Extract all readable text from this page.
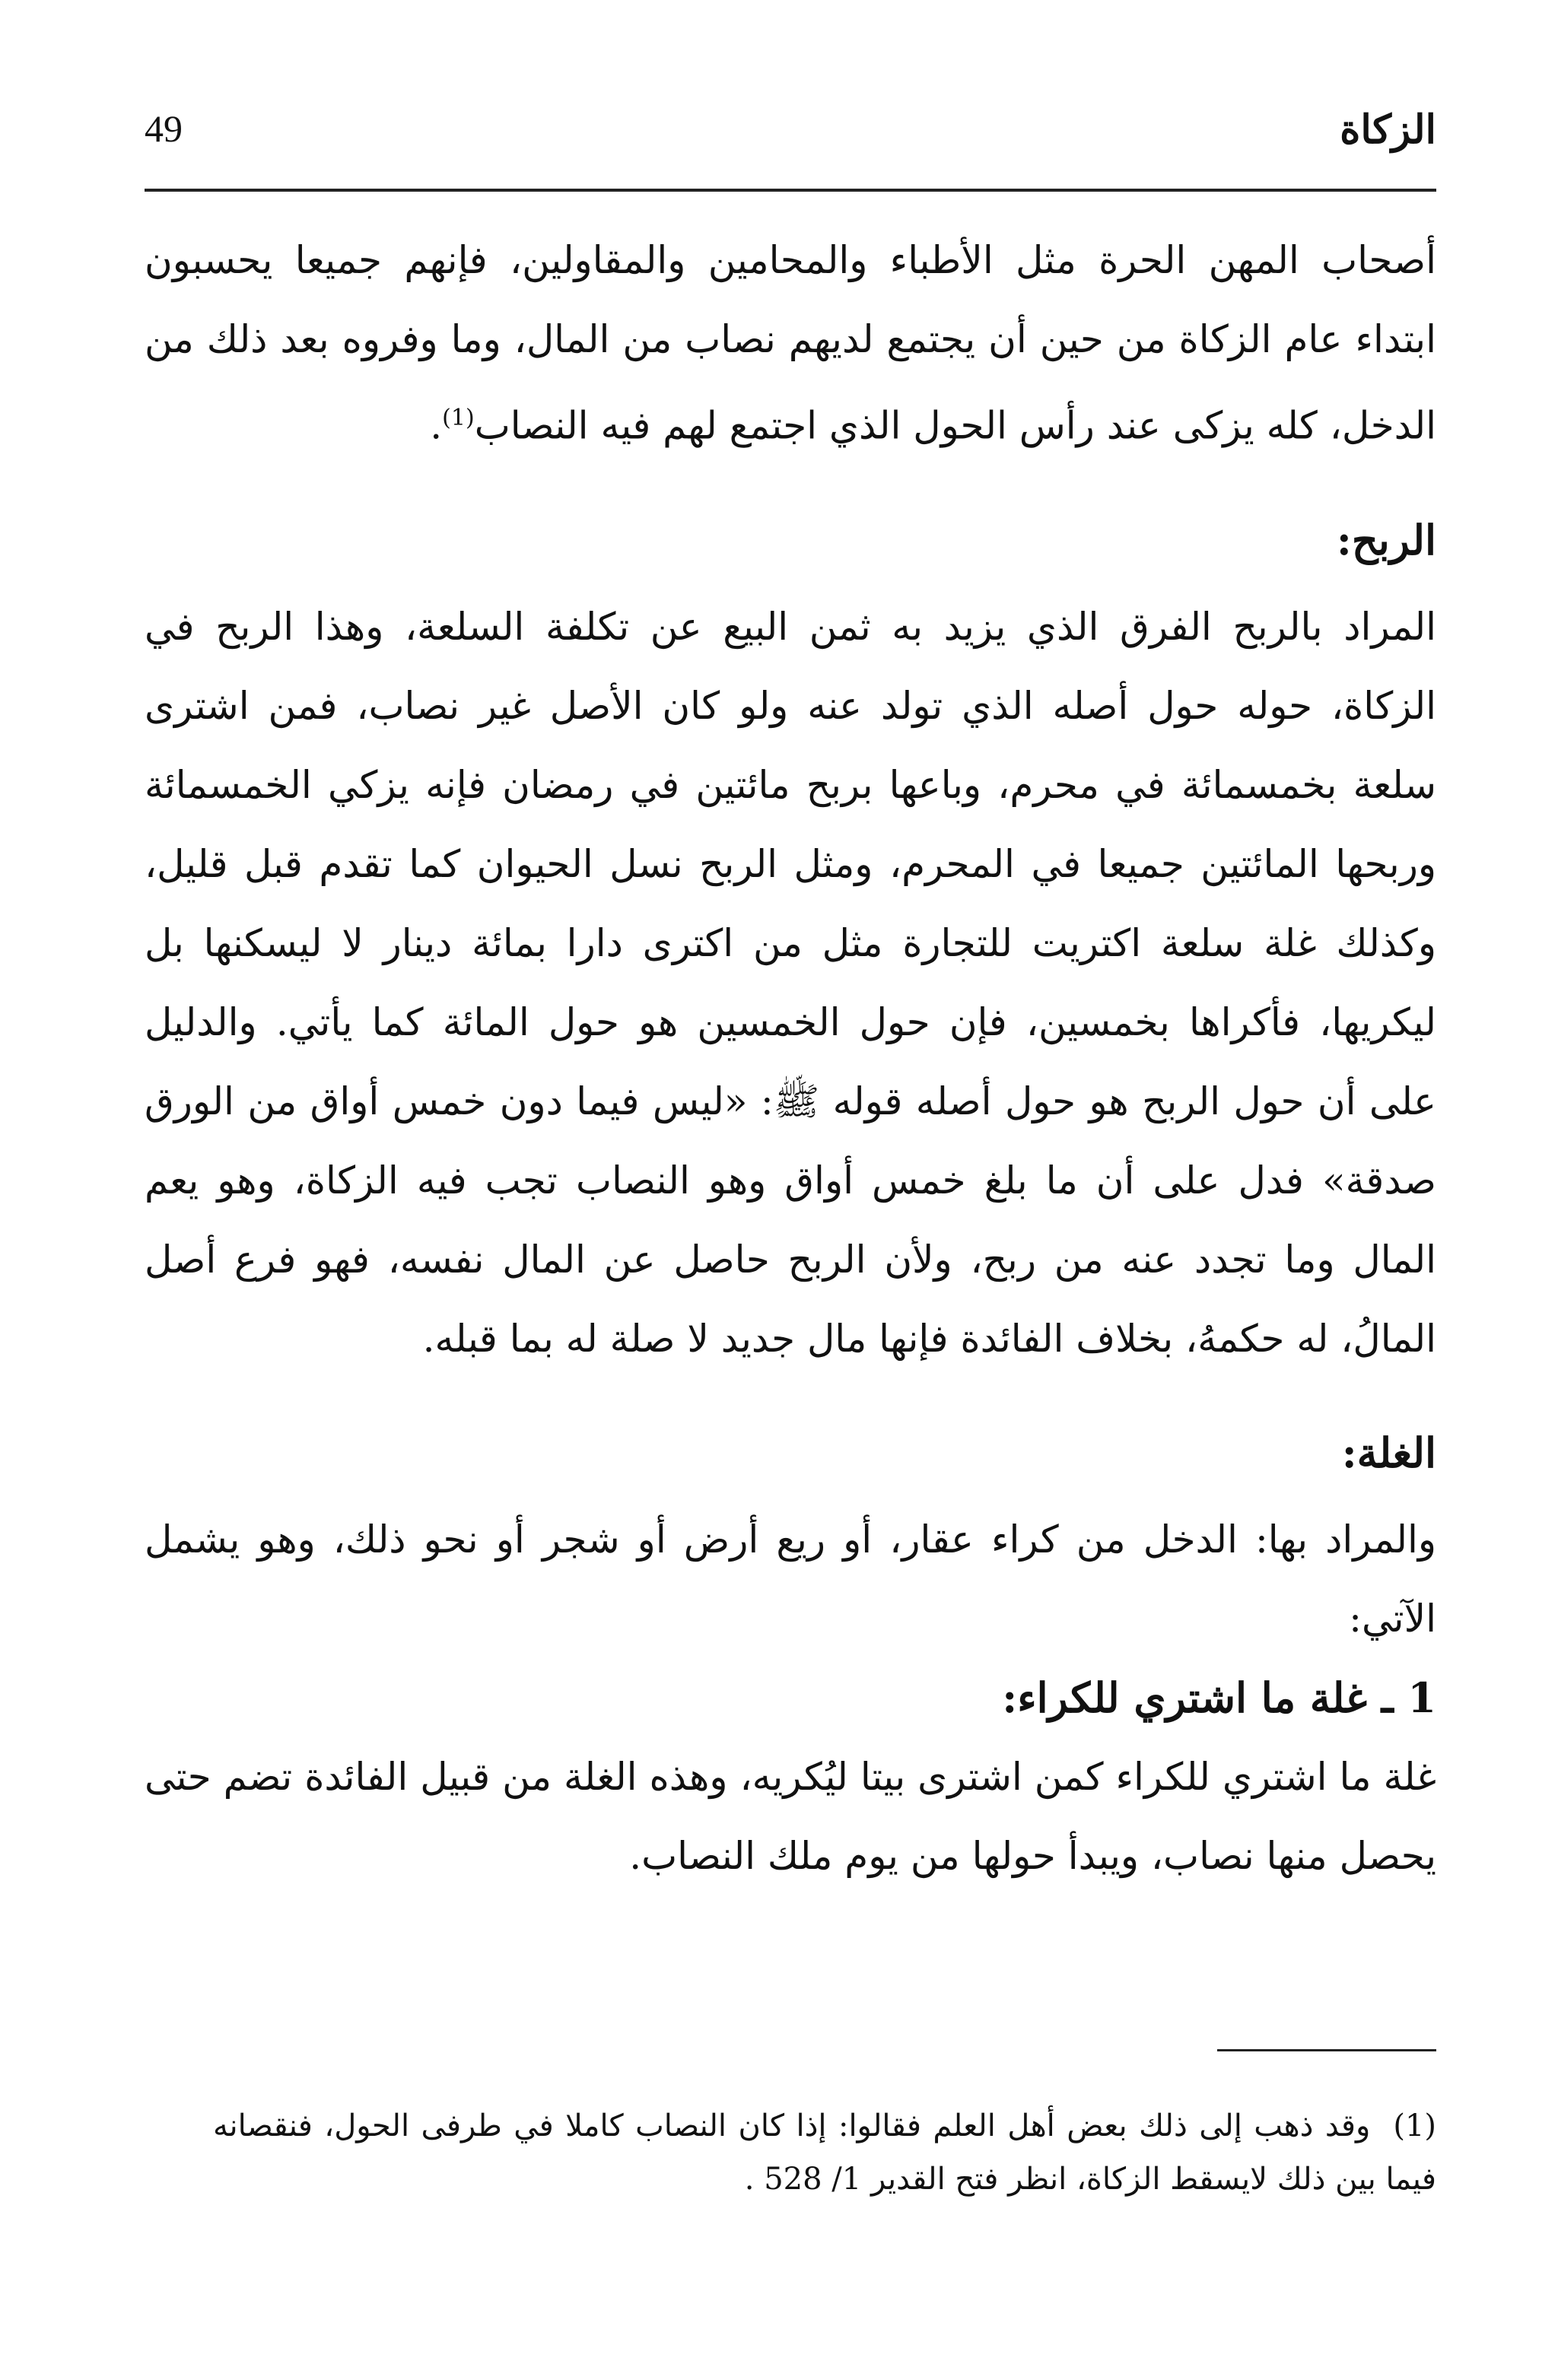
الزكاة
49

أصحاب المهن الحرة مثل الأطباء والمحامين والمقاولين، فإنهم جميعا يحسبون ابتداء عام الزكاة من حين أن يجتمع لديهم نصاب من المال، وما وفروه بعد ذلك من الدخل، كله يزكى عند رأس الحول الذي اجتمع لهم فيه النصاب$^{(1)}$.

الربح:

المراد بالربح الفرق الذي يزيد به ثمن البيع عن تكلفة السلعة، وهذا الربح في الزكاة، حوله حول أصله الذي تولد عنه ولو كان الأصل غير نصاب، فمن اشترى سلعة بخمسمائة في محرم، وباعها بربح مائتين في رمضان فإنه يزكي الخمسمائة وربحها المائتين جميعا في المحرم، ومثل الربح نسل الحيوان كما تقدم قبل قليل، وكذلك غلة سلعة اكتريت للتجارة مثل من اكترى دارا بمائة دينار لا ليسكنها بل ليكريها، فأكراها بخمسين، فإن حول الخمسين هو حول المائة كما يأتي. والدليل على أن حول الربح هو حول أصله قوله ﷺ: «ليس فيما دون خمس أواق من الورق صدقة» فدل على أن ما بلغ خمس أواق وهو النصاب تجب فيه الزكاة، وهو يعم المال وما تجدد عنه من ربح، ولأن الربح حاصل عن المال نفسه، فهو فرع أصل المالُ، له حكمهُ، بخلاف الفائدة فإنها مال جديد لا صلة له بما قبله.

الغلة:

والمراد بها: الدخل من كراء عقار، أو ريع أرض أو شجر أو نحو ذلك، وهو يشمل الآتي:

1 ـ غلة ما اشتري للكراء:

غلة ما اشتري للكراء كمن اشترى بيتا ليُكريه، وهذه الغلة من قبيل الفائدة تضم حتى يحصل منها نصاب، ويبدأ حولها من يوم ملك النصاب.

(1)وقد ذهب إلى ذلك بعض أهل العلم فقالوا: إذا كان النصاب كاملا في طرفى الحول، فنقصانه فيما بين ذلك لايسقط الزكاة، انظر فتح القدير 1/ 528 .
